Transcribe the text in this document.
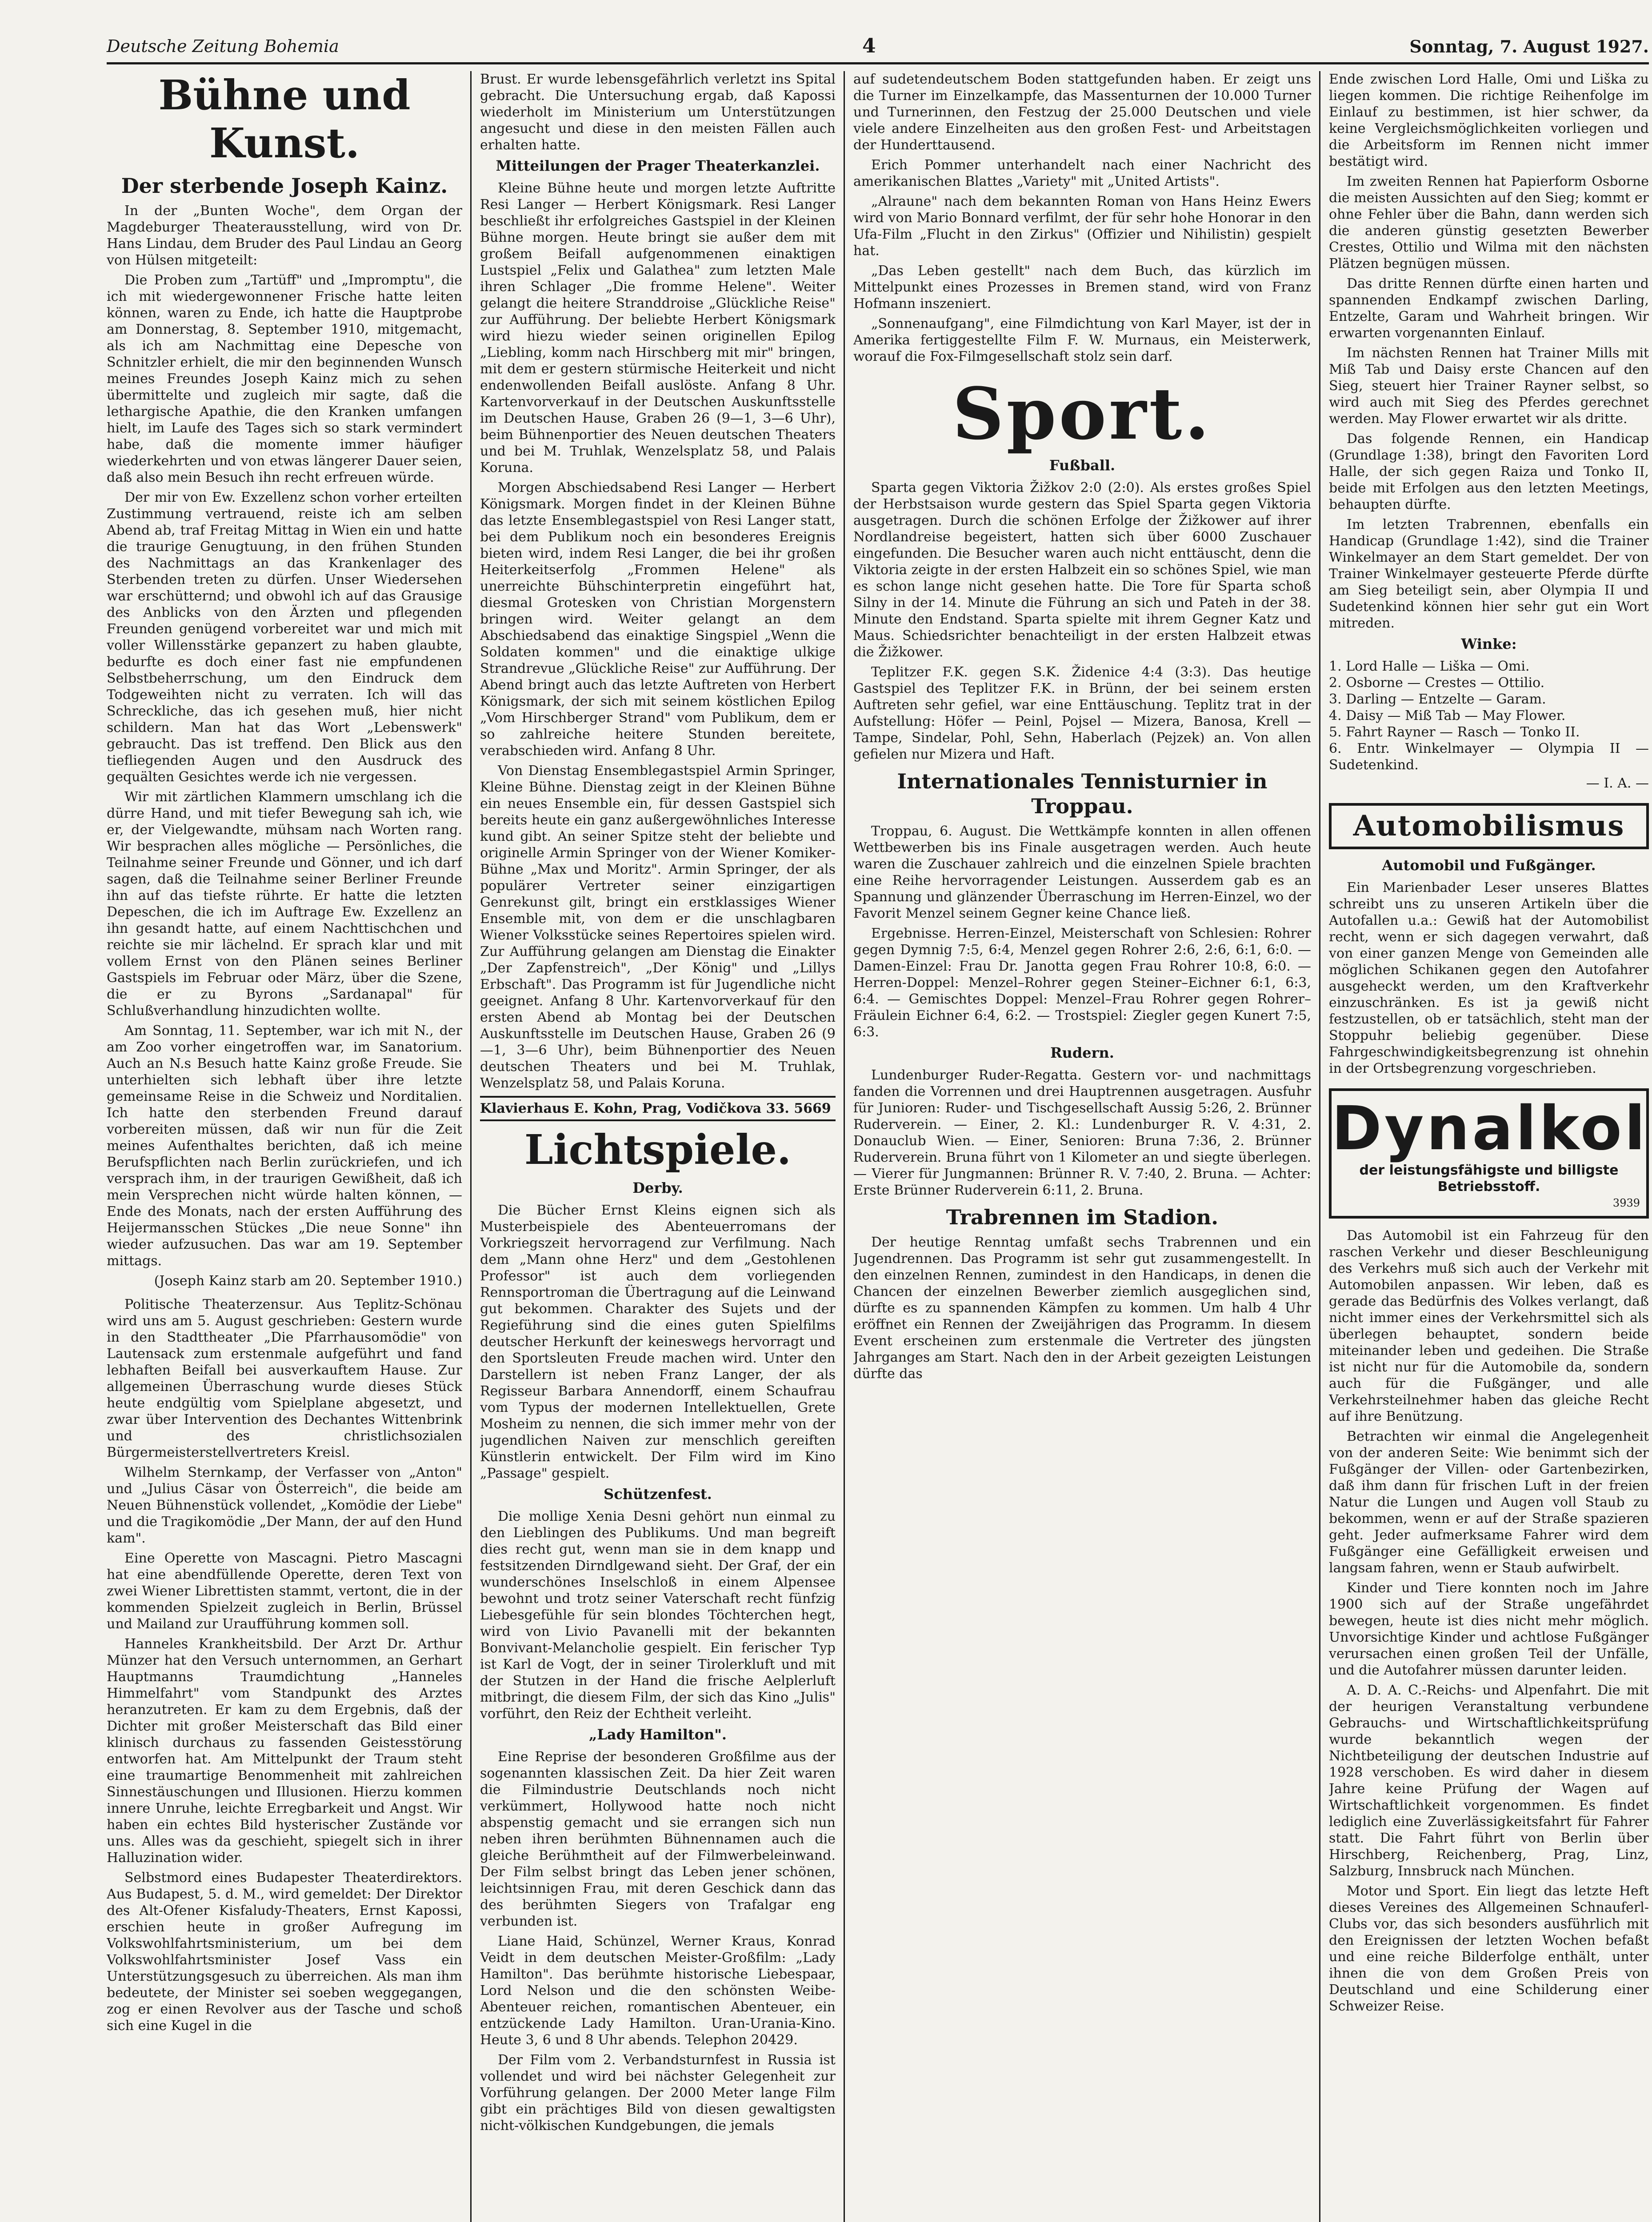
Deutsche Zeitung Bohemia	4	Sonntag, 7. August 1927.
Bühne und Kunst.
Der sterbende Joseph Kainz.

In der „Bunten Woche", dem Organ der Magdeburger Theaterausstellung, wird von Dr. Hans Lindau, dem Bruder des Paul Lindau an Georg von Hülsen mitgeteilt:

Die Proben zum „Tartüff" und „Impromptu", die ich mit wiedergewonnener Frische hatte leiten können, waren zu Ende, ich hatte die Hauptprobe am Donnerstag, 8. September 1910, mitgemacht, als ich am Nachmittag eine Depesche von Schnitzler erhielt, die mir den beginnenden Wunsch meines Freundes Joseph Kainz mich zu sehen übermittelte und zugleich mir sagte, daß die lethargische Apathie, die den Kranken umfangen hielt, im Laufe des Tages sich so stark vermindert habe, daß die momente immer häufiger wiederkehrten und von etwas längerer Dauer seien, daß also mein Besuch ihn recht erfreuen würde.

Der mir von Ew. Exzellenz schon vorher erteilten Zustimmung vertrauend, reiste ich am selben Abend ab, traf Freitag Mittag in Wien ein und hatte die traurige Genugtuung, in den frühen Stunden des Nachmittags an das Krankenlager des Sterbenden treten zu dürfen. Unser Wiedersehen war erschütternd; und obwohl ich auf das Grausige des Anblicks von den Ärzten und pflegenden Freunden genügend vorbereitet war und mich mit voller Willensstärke gepanzert zu haben glaubte, bedurfte es doch einer fast nie empfundenen Selbstbeherrschung, um den Eindruck dem Todgeweihten nicht zu verraten. Ich will das Schreckliche, das ich gesehen muß, hier nicht schildern. Man hat das Wort „Lebenswerk" gebraucht. Das ist treffend. Den Blick aus den tiefliegenden Augen und den Ausdruck des gequälten Gesichtes werde ich nie vergessen.

Wir mit zärtlichen Klammern umschlang ich die dürre Hand, und mit tiefer Bewegung sah ich, wie er, der Vielgewandte, mühsam nach Worten rang. Wir besprachen alles mögliche — Persönliches, die Teilnahme seiner Freunde und Gönner, und ich darf sagen, daß die Teilnahme seiner Berliner Freunde ihn auf das tiefste rührte. Er hatte die letzten Depeschen, die ich im Auftrage Ew. Exzellenz an ihn gesandt hatte, auf einem Nachttischchen und reichte sie mir lächelnd. Er sprach klar und mit vollem Ernst von den Plänen seines Berliner Gastspiels im Februar oder März, über die Szene, die er zu Byrons „Sardanapal" für Schlußverhandlung hinzudichten wollte.

Am Sonntag, 11. September, war ich mit N., der am Zoo vorher eingetroffen war, im Sanatorium. Auch an N.s Besuch hatte Kainz große Freude. Sie unterhielten sich lebhaft über ihre letzte gemeinsame Reise in die Schweiz und Norditalien. Ich hatte den sterbenden Freund darauf vorbereiten müssen, daß wir nun für die Zeit meines Aufenthaltes berichten, daß ich meine Berufspflichten nach Berlin zurückriefen, und ich versprach ihm, in der traurigen Gewißheit, daß ich mein Versprechen nicht würde halten können, — Ende des Monats, nach der ersten Aufführung des Heijermansschen Stückes „Die neue Sonne" ihn wieder aufzusuchen. Das war am 19. September mittags.

(Joseph Kainz starb am 20. September 1910.)

Politische Theaterzensur. Aus Teplitz-Schönau wird uns am 5. August geschrieben: Gestern wurde in den Stadttheater „Die Pfarrhausomödie" von Lautensack zum erstenmale aufgeführt und fand lebhaften Beifall bei ausverkauftem Hause. Zur allgemeinen Überraschung wurde dieses Stück heute endgültig vom Spielplane abgesetzt, und zwar über Intervention des Dechantes Wittenbrink und des christlichsozialen Bürgermeisterstellvertreters Kreisl.

Wilhelm Sternkamp, der Verfasser von „Anton" und „Julius Cäsar von Österreich", die beide am Neuen Bühnenstück vollendet, „Komödie der Liebe" und die Tragikomödie „Der Mann, der auf den Hund kam".

Eine Operette von Mascagni. Pietro Mascagni hat eine abendfüllende Operette, deren Text von zwei Wiener Librettisten stammt, vertont, die in der kommenden Spielzeit zugleich in Berlin, Brüssel und Mailand zur Uraufführung kommen soll.

Hanneles Krankheitsbild. Der Arzt Dr. Arthur Münzer hat den Versuch unternommen, an Gerhart Hauptmanns Traumdichtung „Hanneles Himmelfahrt" vom Standpunkt des Arztes heranzutreten. Er kam zu dem Ergebnis, daß der Dichter mit großer Meisterschaft das Bild einer klinisch durchaus zu fassenden Geistesstörung entworfen hat. Am Mittelpunkt der Traum steht eine traumartige Benommenheit mit zahlreichen Sinnestäuschungen und Illusionen. Hierzu kommen innere Unruhe, leichte Erregbarkeit und Angst. Wir haben ein echtes Bild hysterischer Zustände vor uns. Alles was da geschieht, spiegelt sich in ihrer Halluzination wider.

Selbstmord eines Budapester Theaterdirektors. Aus Budapest, 5. d. M., wird gemeldet: Der Direktor des Alt-Ofener Kisfaludy-Theaters, Ernst Kapossi, erschien heute in großer Aufregung im Volkswohlfahrtsministerium, um bei dem Volkswohlfahrtsminister Josef Vass ein Unterstützungsgesuch zu überreichen. Als man ihm bedeutete, der Minister sei soeben weggegangen, zog er einen Revolver aus der Tasche und schoß sich eine Kugel in die

Brust. Er wurde lebensgefährlich verletzt ins Spital gebracht. Die Untersuchung ergab, daß Kapossi wiederholt im Ministerium um Unterstützungen angesucht und diese in den meisten Fällen auch erhalten hatte.

Mitteilungen der Prager Theaterkanzlei.

Kleine Bühne heute und morgen letzte Auftritte Resi Langer — Herbert Königsmark. Resi Langer beschließt ihr erfolgreiches Gastspiel in der Kleinen Bühne morgen. Heute bringt sie außer dem mit großem Beifall aufgenommenen einaktigen Lustspiel „Felix und Galathea" zum letzten Male ihren Schlager „Die fromme Helene". Weiter gelangt die heitere Stranddroise „Glückliche Reise" zur Aufführung. Der beliebte Herbert Königsmark wird hiezu wieder seinen originellen Epilog „Liebling, komm nach Hirschberg mit mir" bringen, mit dem er gestern stürmische Heiterkeit und nicht endenwollenden Beifall auslöste. Anfang 8 Uhr. Kartenvorverkauf in der Deutschen Auskunftsstelle im Deutschen Hause, Graben 26 (9—1, 3—6 Uhr), beim Bühnenportier des Neuen deutschen Theaters und bei M. Truhlak, Wenzelsplatz 58, und Palais Koruna.

Morgen Abschiedsabend Resi Langer — Herbert Königsmark. Morgen findet in der Kleinen Bühne das letzte Ensemblegastspiel von Resi Langer statt, bei dem Publikum noch ein besonderes Ereignis bieten wird, indem Resi Langer, die bei ihr großen Heiterkeitserfolg „Frommen Helene" als unerreichte Bühschinterpretin eingeführt hat, diesmal Grotesken von Christian Morgenstern bringen wird. Weiter gelangt an dem Abschiedsabend das einaktige Singspiel „Wenn die Soldaten kommen" und die einaktige ulkige Strandrevue „Glückliche Reise" zur Aufführung. Der Abend bringt auch das letzte Auftreten von Herbert Königsmark, der sich mit seinem köstlichen Epilog „Vom Hirschberger Strand" vom Publikum, dem er so zahlreiche heitere Stunden bereitete, verabschieden wird. Anfang 8 Uhr.

Von Dienstag Ensemblegastspiel Armin Springer, Kleine Bühne. Dienstag zeigt in der Kleinen Bühne ein neues Ensemble ein, für dessen Gastspiel sich bereits heute ein ganz außergewöhnliches Interesse kund gibt. An seiner Spitze steht der beliebte und originelle Armin Springer von der Wiener Komiker-Bühne „Max und Moritz". Armin Springer, der als populärer Vertreter seiner einzigartigen Genrekunst gilt, bringt ein erstklassiges Wiener Ensemble mit, von dem er die unschlagbaren Wiener Volksstücke seines Repertoires spielen wird. Zur Aufführung gelangen am Dienstag die Einakter „Der Zapfenstreich", „Der König" und „Lillys Erbschaft". Das Programm ist für Jugendliche nicht geeignet. Anfang 8 Uhr. Kartenvorverkauf für den ersten Abend ab Montag bei der Deutschen Auskunftsstelle im Deutschen Hause, Graben 26 (9—1, 3—6 Uhr), beim Bühnenportier des Neuen deutschen Theaters und bei M. Truhlak, Wenzelsplatz 58, und Palais Koruna.

Klavierhaus E. Kohn, Prag, Vodičkova 33. 5669
Lichtspiele.
Derby.

Die Bücher Ernst Kleins eignen sich als Musterbeispiele des Abenteuerromans der Vorkriegszeit hervorragend zur Verfilmung. Nach dem „Mann ohne Herz" und dem „Gestohlenen Professor" ist auch dem vorliegenden Rennsportroman die Übertragung auf die Leinwand gut bekommen. Charakter des Sujets und der Regieführung sind die eines guten Spielfilms deutscher Herkunft der keineswegs hervorragt und den Sportsleuten Freude machen wird. Unter den Darstellern ist neben Franz Langer, der als Regisseur Barbara Annendorff, einem Schaufrau vom Typus der modernen Intellektuellen, Grete Mosheim zu nennen, die sich immer mehr von der jugendlichen Naiven zur menschlich gereiften Künstlerin entwickelt. Der Film wird im Kino „Passage" gespielt.

Schützenfest.

Die mollige Xenia Desni gehört nun einmal zu den Lieblingen des Publikums. Und man begreift dies recht gut, wenn man sie in dem knapp und festsitzenden Dirndlgewand sieht. Der Graf, der ein wunderschönes Inselschloß in einem Alpensee bewohnt und trotz seiner Vaterschaft recht fünfzig Liebesgefühle für sein blondes Töchterchen hegt, wird von Livio Pavanelli mit der bekannten Bonvivant-Melancholie gespielt. Ein ferischer Typ ist Karl de Vogt, der in seiner Tirolerkluft und mit der Stutzen in der Hand die frische Aelplerluft mitbringt, die diesem Film, der sich das Kino „Julis" vorführt, den Reiz der Echtheit verleiht.

„Lady Hamilton".

Eine Reprise der besonderen Großfilme aus der sogenannten klassischen Zeit. Da hier Zeit waren die Filmindustrie Deutschlands noch nicht verkümmert, Hollywood hatte noch nicht abspenstig gemacht und sie errangen sich nun neben ihren berühmten Bühnennamen auch die gleiche Berühmtheit auf der Filmwerbeleinwand. Der Film selbst bringt das Leben jener schönen, leichtsinnigen Frau, mit deren Geschick dann das des berühmten Siegers von Trafalgar eng verbunden ist.

Liane Haid, Schünzel, Werner Kraus, Konrad Veidt in dem deutschen Meister-Großfilm: „Lady Hamilton". Das berühmte historische Liebespaar, Lord Nelson und die den schönsten Weibe-Abenteuer reichen, romantischen Abenteuer, ein entzückende Lady Hamilton. Uran-Urania-Kino. Heute 3, 6 und 8 Uhr abends. Telephon 20429.

Der Film vom 2. Verbandsturnfest in Russia ist vollendet und wird bei nächster Gelegenheit zur Vorführung gelangen. Der 2000 Meter lange Film gibt ein prächtiges Bild von diesen gewaltigsten nicht-völkischen Kundgebungen, die jemals

auf sudetendeutschem Boden stattgefunden haben. Er zeigt uns die Turner im Einzelkampfe, das Massenturnen der 10.000 Turner und Turnerinnen, den Festzug der 25.000 Deutschen und viele viele andere Einzelheiten aus den großen Fest- und Arbeitstagen der Hunderttausend.

Erich Pommer unterhandelt nach einer Nachricht des amerikanischen Blattes „Variety" mit „United Artists".

„Alraune" nach dem bekannten Roman von Hans Heinz Ewers wird von Mario Bonnard verfilmt, der für sehr hohe Honorar in den Ufa-Film „Flucht in den Zirkus" (Offizier und Nihilistin) gespielt hat.

„Das Leben gestellt" nach dem Buch, das kürzlich im Mittelpunkt eines Prozesses in Bremen stand, wird von Franz Hofmann inszeniert.

„Sonnenaufgang", eine Filmdichtung von Karl Mayer, ist der in Amerika fertiggestellte Film F. W. Murnaus, ein Meisterwerk, worauf die Fox-Filmgesellschaft stolz sein darf.

Sport.
Fußball.

Sparta gegen Viktoria Žižkov 2:0 (2:0). Als erstes großes Spiel der Herbstsaison wurde gestern das Spiel Sparta gegen Viktoria ausgetragen. Durch die schönen Erfolge der Žižkower auf ihrer Nordlandreise begeistert, hatten sich über 6000 Zuschauer eingefunden. Die Besucher waren auch nicht enttäuscht, denn die Viktoria zeigte in der ersten Halbzeit ein so schönes Spiel, wie man es schon lange nicht gesehen hatte. Die Tore für Sparta schoß Silny in der 14. Minute die Führung an sich und Pateh in der 38. Minute den Endstand. Sparta spielte mit ihrem Gegner Katz und Maus. Schiedsrichter benachteiligt in der ersten Halbzeit etwas die Žižkower.

Teplitzer F.K. gegen S.K. Židenice 4:4 (3:3). Das heutige Gastspiel des Teplitzer F.K. in Brünn, der bei seinem ersten Auftreten sehr gefiel, war eine Enttäuschung. Teplitz trat in der Aufstellung: Höfer — Peinl, Pojsel — Mizera, Banosa, Krell — Tampe, Sindelar, Pohl, Sehn, Haberlach (Pejzek) an. Von allen gefielen nur Mizera und Haft.

Internationales Tennisturnier in Troppau.

Troppau, 6. August. Die Wettkämpfe konnten in allen offenen Wettbewerben bis ins Finale ausgetragen werden. Auch heute waren die Zuschauer zahlreich und die einzelnen Spiele brachten eine Reihe hervorragender Leistungen. Ausserdem gab es an Spannung und glänzender Überraschung im Herren-Einzel, wo der Favorit Menzel seinem Gegner keine Chance ließ.

Ergebnisse. Herren-Einzel, Meisterschaft von Schlesien: Rohrer gegen Dymnig 7:5, 6:4, Menzel gegen Rohrer 2:6, 2:6, 6:1, 6:0. — Damen-Einzel: Frau Dr. Janotta gegen Frau Rohrer 10:8, 6:0. — Herren-Doppel: Menzel–Rohrer gegen Steiner–Eichner 6:1, 6:3, 6:4. — Gemischtes Doppel: Menzel–Frau Rohrer gegen Rohrer–Fräulein Eichner 6:4, 6:2. — Trostspiel: Ziegler gegen Kunert 7:5, 6:3.

Rudern.

Lundenburger Ruder-Regatta. Gestern vor- und nachmittags fanden die Vorrennen und drei Hauptrennen ausgetragen. Ausfuhr für Junioren: Ruder- und Tischgesellschaft Aussig 5:26, 2. Brünner Ruderverein. — Einer, 2. Kl.: Lundenburger R. V. 4:31, 2. Donauclub Wien. — Einer, Senioren: Bruna 7:36, 2. Brünner Ruderverein. Bruna führt von 1 Kilometer an und siegte überlegen. — Vierer für Jungmannen: Brünner R. V. 7:40, 2. Bruna. — Achter: Erste Brünner Ruderverein 6:11, 2. Bruna.

Trabrennen im Stadion.

Der heutige Renntag umfaßt sechs Trabrennen und ein Jugendrennen. Das Programm ist sehr gut zusammengestellt. In den einzelnen Rennen, zumindest in den Handicaps, in denen die Chancen der einzelnen Bewerber ziemlich ausgeglichen sind, dürfte es zu spannenden Kämpfen zu kommen. Um halb 4 Uhr eröffnet ein Rennen der Zweijährigen das Programm. In diesem Event erscheinen zum erstenmale die Vertreter des jüngsten Jahrganges am Start. Nach den in der Arbeit gezeigten Leistungen dürfte das

Ende zwischen Lord Halle, Omi und Liška zu liegen kommen. Die richtige Reihenfolge im Einlauf zu bestimmen, ist hier schwer, da keine Vergleichsmöglichkeiten vorliegen und die Arbeitsform im Rennen nicht immer bestätigt wird.

Im zweiten Rennen hat Papierform Osborne die meisten Aussichten auf den Sieg; kommt er ohne Fehler über die Bahn, dann werden sich die anderen günstig gesetzten Bewerber Crestes, Ottilio und Wilma mit den nächsten Plätzen begnügen müssen.

Das dritte Rennen dürfte einen harten und spannenden Endkampf zwischen Darling, Entzelte, Garam und Wahrheit bringen. Wir erwarten vorgenannten Einlauf.

Im nächsten Rennen hat Trainer Mills mit Miß Tab und Daisy erste Chancen auf den Sieg, steuert hier Trainer Rayner selbst, so wird auch mit Sieg des Pferdes gerechnet werden. May Flower erwartet wir als dritte.

Das folgende Rennen, ein Handicap (Grundlage 1:38), bringt den Favoriten Lord Halle, der sich gegen Raiza und Tonko II, beide mit Erfolgen aus den letzten Meetings, behaupten dürfte.

Im letzten Trabrennen, ebenfalls ein Handicap (Grundlage 1:42), sind die Trainer Winkelmayer an dem Start gemeldet. Der von Trainer Winkelmayer gesteuerte Pferde dürfte am Sieg beteiligt sein, aber Olympia II und Sudetenkind können hier sehr gut ein Wort mitreden.

Winke:
1. Lord Halle — Liška — Omi.
2. Osborne — Crestes — Ottilio.
3. Darling — Entzelte — Garam.
4. Daisy — Miß Tab — May Flower.
5. Fahrt Rayner — Rasch — Tonko II.
6. Entr. Winkelmayer — Olympia II — Sudetenkind.
— I. A. —
Automobilismus
Automobil und Fußgänger.

Ein Marienbader Leser unseres Blattes schreibt uns zu unseren Artikeln über die Autofallen u.a.: Gewiß hat der Automobilist recht, wenn er sich dagegen verwahrt, daß von einer ganzen Menge von Gemeinden alle möglichen Schikanen gegen den Autofahrer ausgeheckt werden, um den Kraftverkehr einzuschränken. Es ist ja gewiß nicht festzustellen, ob er tatsächlich, steht man der Stoppuhr beliebig gegenüber. Diese Fahrgeschwindigkeitsbegrenzung ist ohnehin in der Ortsbegrenzung vorgeschrieben.

Dynalkol
der leistungsfähigste und billigste Betriebsstoff.
3939

Das Automobil ist ein Fahrzeug für den raschen Verkehr und dieser Beschleunigung des Verkehrs muß sich auch der Verkehr mit Automobilen anpassen. Wir leben, daß es gerade das Bedürfnis des Volkes verlangt, daß nicht immer eines der Verkehrsmittel sich als überlegen behauptet, sondern beide miteinander leben und gedeihen. Die Straße ist nicht nur für die Automobile da, sondern auch für die Fußgänger, und alle Verkehrsteilnehmer haben das gleiche Recht auf ihre Benützung.

Betrachten wir einmal die Angelegenheit von der anderen Seite: Wie benimmt sich der Fußgänger der Villen- oder Gartenbezirken, daß ihm dann für frischen Luft in der freien Natur die Lungen und Augen voll Staub zu bekommen, wenn er auf der Straße spazieren geht. Jeder aufmerksame Fahrer wird dem Fußgänger eine Gefälligkeit erweisen und langsam fahren, wenn er Staub aufwirbelt.

Kinder und Tiere konnten noch im Jahre 1900 sich auf der Straße ungefährdet bewegen, heute ist dies nicht mehr möglich. Unvorsichtige Kinder und achtlose Fußgänger verursachen einen großen Teil der Unfälle, und die Autofahrer müssen darunter leiden.

A. D. A. C.-Reichs- und Alpenfahrt. Die mit der heurigen Veranstaltung verbundene Gebrauchs- und Wirtschaftlichkeitsprüfung wurde bekanntlich wegen der Nichtbeteiligung der deutschen Industrie auf 1928 verschoben. Es wird daher in diesem Jahre keine Prüfung der Wagen auf Wirtschaftlichkeit vorgenommen. Es findet lediglich eine Zuverlässigkeitsfahrt für Fahrer statt. Die Fahrt führt von Berlin über Hirschberg, Reichenberg, Prag, Linz, Salzburg, Innsbruck nach München.

Motor und Sport. Ein liegt das letzte Heft dieses Vereines des Allgemeinen Schnauferl-Clubs vor, das sich besonders ausführlich mit den Ereignissen der letzten Wochen befaßt und eine reiche Bilderfolge enthält, unter ihnen die von dem Großen Preis von Deutschland und eine Schilderung einer Schweizer Reise.
